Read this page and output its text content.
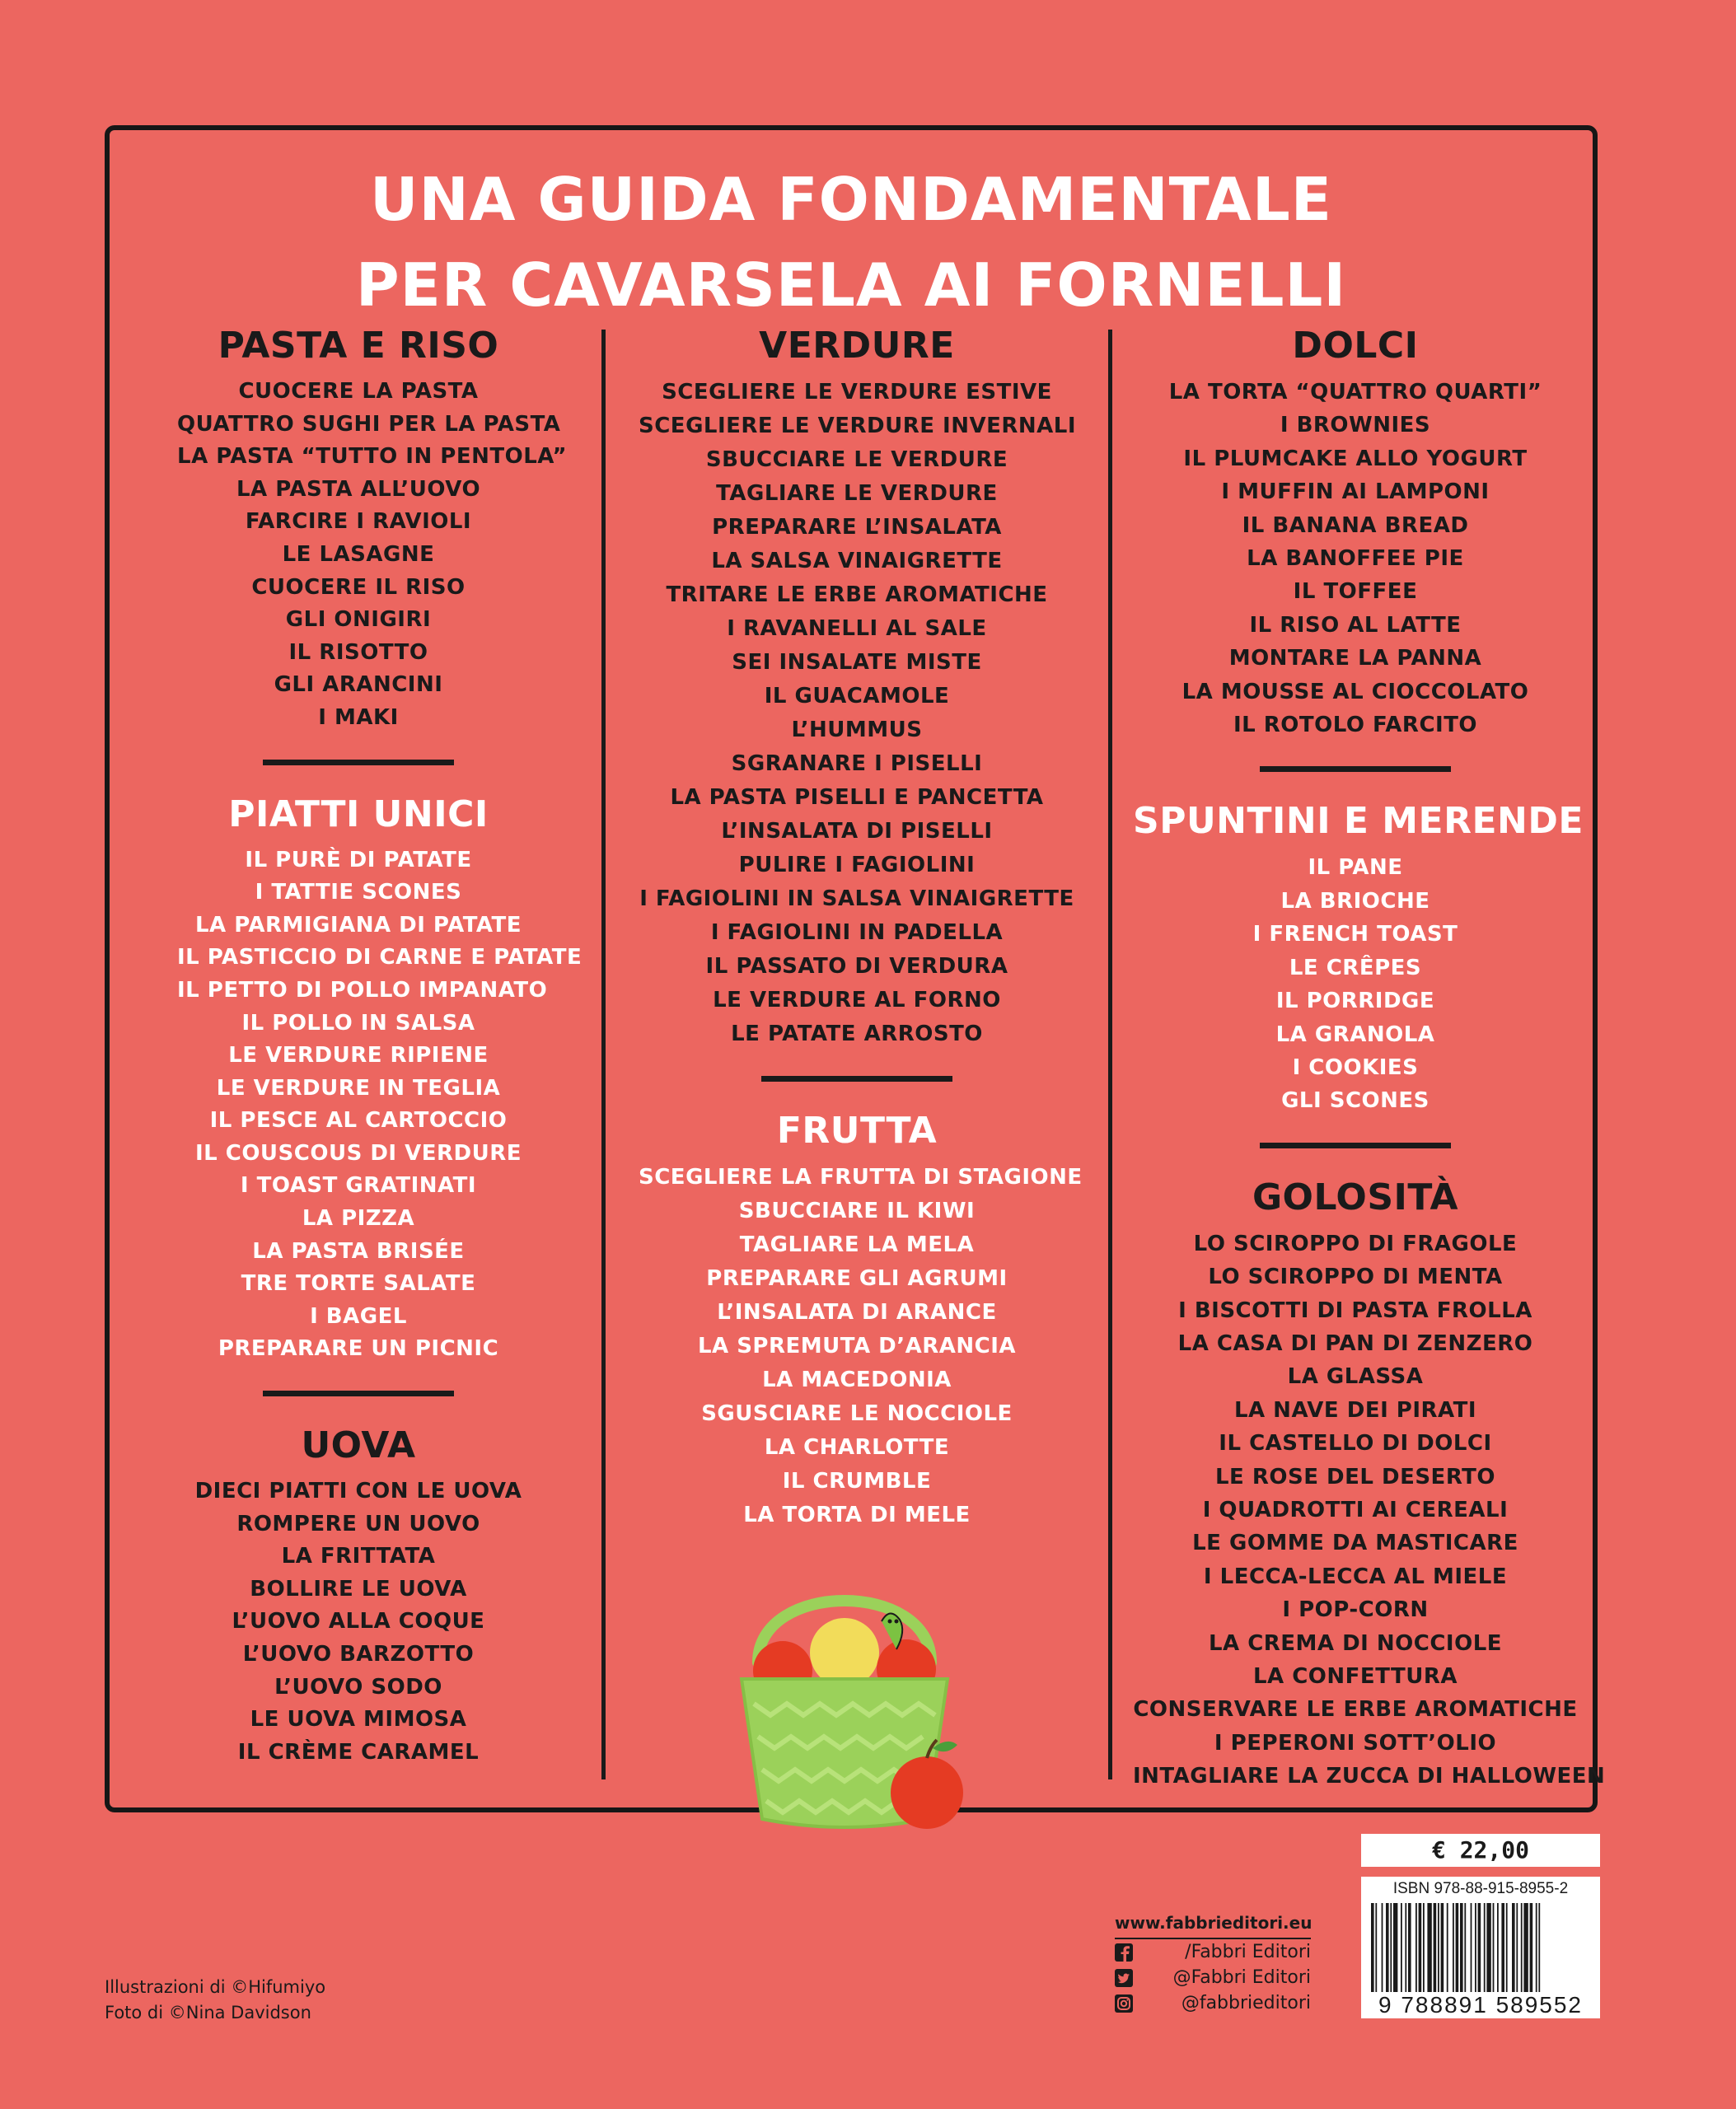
UNA GUIDA FONDAMENTALE
PER CAVARSELA AI FORNELLI
PASTA E RISO
CUOCERE LA PASTA
QUATTRO SUGHI PER LA PASTA
LA PASTA “TUTTO IN PENTOLA”
LA PASTA ALL’UOVO
FARCIRE I RAVIOLI
LE LASAGNE
CUOCERE IL RISO
GLI ONIGIRI
IL RISOTTO
GLI ARANCINI
I MAKI
PIATTI UNICI
IL PURÈ DI PATATE
I TATTIE SCONES
LA PARMIGIANA DI PATATE
IL PASTICCIO DI CARNE E PATATE
IL PETTO DI POLLO IMPANATO
IL POLLO IN SALSA
LE VERDURE RIPIENE
LE VERDURE IN TEGLIA
IL PESCE AL CARTOCCIO
IL COUSCOUS DI VERDURE
I TOAST GRATINATI
LA PIZZA
LA PASTA BRISÉE
TRE TORTE SALATE
I BAGEL
PREPARARE UN PICNIC
UOVA
DIECI PIATTI CON LE UOVA
ROMPERE UN UOVO
LA FRITTATA
BOLLIRE LE UOVA
L’UOVO ALLA COQUE
L’UOVO BARZOTTO
L’UOVO SODO
LE UOVA MIMOSA
IL CRÈME CARAMEL
VERDURE
SCEGLIERE LE VERDURE ESTIVE
SCEGLIERE LE VERDURE INVERNALI
SBUCCIARE LE VERDURE
TAGLIARE LE VERDURE
PREPARARE L’INSALATA
LA SALSA VINAIGRETTE
TRITARE LE ERBE AROMATICHE
I RAVANELLI AL SALE
SEI INSALATE MISTE
IL GUACAMOLE
L’HUMMUS
SGRANARE I PISELLI
LA PASTA PISELLI E PANCETTA
L’INSALATA DI PISELLI
PULIRE I FAGIOLINI
I FAGIOLINI IN SALSA VINAIGRETTE
I FAGIOLINI IN PADELLA
IL PASSATO DI VERDURA
LE VERDURE AL FORNO
LE PATATE ARROSTO
FRUTTA
SCEGLIERE LA FRUTTA DI STAGIONE
SBUCCIARE IL KIWI
TAGLIARE LA MELA
PREPARARE GLI AGRUMI
L’INSALATA DI ARANCE
LA SPREMUTA D’ARANCIA
LA MACEDONIA
SGUSCIARE LE NOCCIOLE
LA CHARLOTTE
IL CRUMBLE
LA TORTA DI MELE
DOLCI
LA TORTA “QUATTRO QUARTI”
I BROWNIES
IL PLUMCAKE ALLO YOGURT
I MUFFIN AI LAMPONI
IL BANANA BREAD
LA BANOFFEE PIE
IL TOFFEE
IL RISO AL LATTE
MONTARE LA PANNA
LA MOUSSE AL CIOCCOLATO
IL ROTOLO FARCITO
SPUNTINI E MERENDE
IL PANE
LA BRIOCHE
I FRENCH TOAST
LE CRÊPES
IL PORRIDGE
LA GRANOLA
I COOKIES
GLI SCONES
GOLOSITÀ
LO SCIROPPO DI FRAGOLE
LO SCIROPPO DI MENTA
I BISCOTTI DI PASTA FROLLA
LA CASA DI PAN DI ZENZERO
LA GLASSA
LA NAVE DEI PIRATI
IL CASTELLO DI DOLCI
LE ROSE DEL DESERTO
I QUADROTTI AI CEREALI
LE GOMME DA MASTICARE
I LECCA-LECCA AL MIELE
I POP-CORN
LA CREMA DI NOCCIOLE
LA CONFETTURA
CONSERVARE LE ERBE AROMATICHE
I PEPERONI SOTT’OLIO
INTAGLIARE LA ZUCCA DI HALLOWEEN
Illustrazioni di ©Hifumiyo
Foto di ©Nina Davidson
www.fabbrieditori.eu
/Fabbri Editori
@Fabbri Editori
@fabbrieditori
€ 22,00
ISBN 978-88-915-8955-2
9 788891 589552
